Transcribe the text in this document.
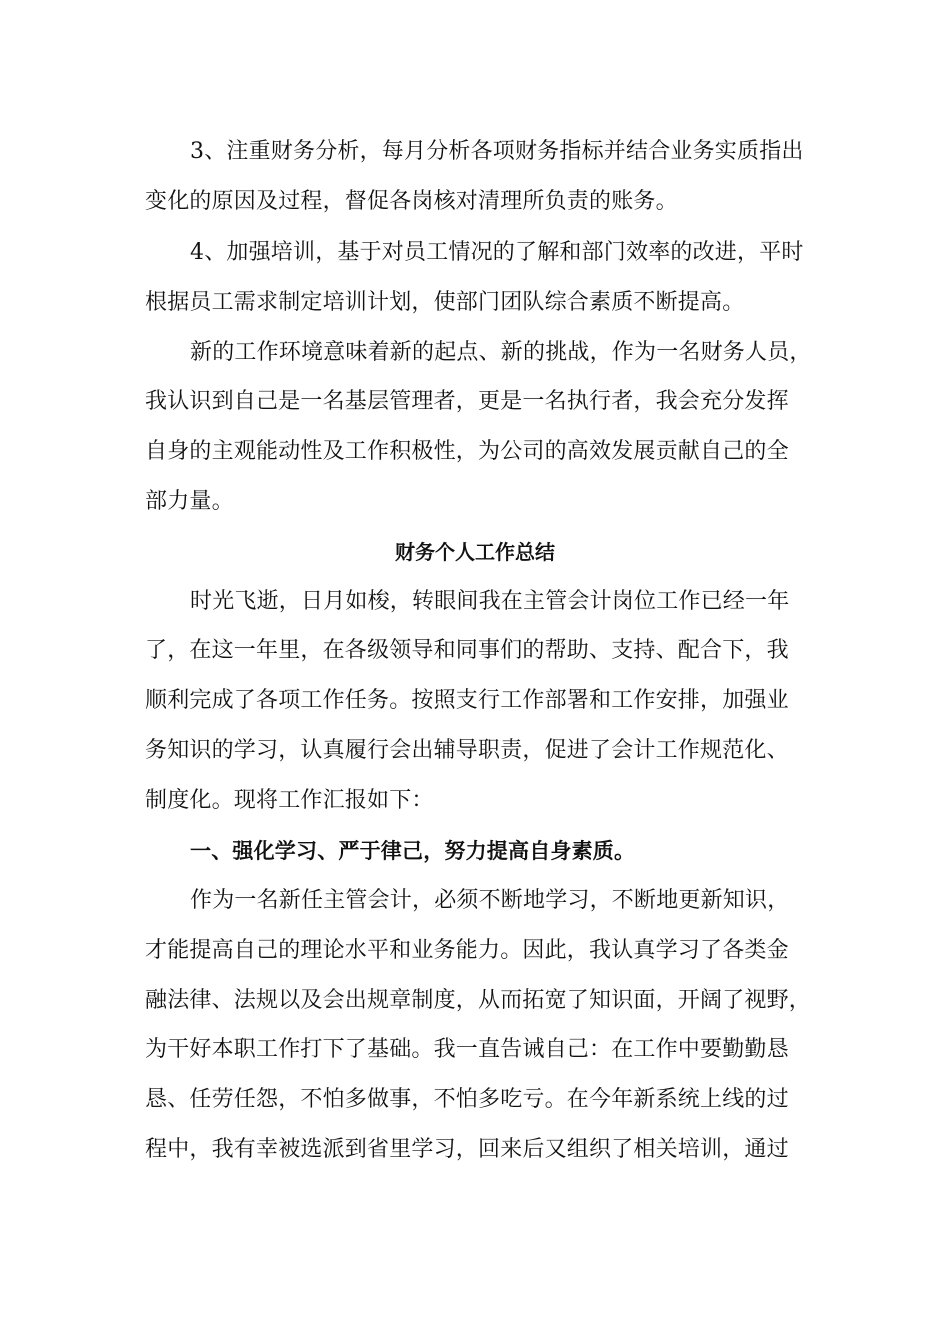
3、注重财务分析，每月分析各项财务指标并结合业务实质指出
变化的原因及过程，督促各岗核对清理所负责的账务。
4、加强培训，基于对员工情况的了解和部门效率的改进，平时
根据员工需求制定培训计划，使部门团队综合素质不断提高。
新的工作环境意味着新的起点、新的挑战，作为一名财务人员，
我认识到自己是一名基层管理者，更是一名执行者，我会充分发挥
自身的主观能动性及工作积极性，为公司的高效发展贡献自己的全
部力量。
财务个人工作总结
时光飞逝，日月如梭，转眼间我在主管会计岗位工作已经一年
了，在这一年里，在各级领导和同事们的帮助、支持、配合下，我
顺利完成了各项工作任务。按照支行工作部署和工作安排，加强业
务知识的学习，认真履行会出辅导职责，促进了会计工作规范化、
制度化。现将工作汇报如下：
一、强化学习、严于律己，努力提高自身素质。
作为一名新任主管会计，必须不断地学习，不断地更新知识，
才能提高自己的理论水平和业务能力。因此，我认真学习了各类金
融法律、法规以及会出规章制度，从而拓宽了知识面，开阔了视野，
为干好本职工作打下了基础。我一直告诫自己：在工作中要勤勤恳
恳、任劳任怨，不怕多做事，不怕多吃亏。在今年新系统上线的过
程中，我有幸被选派到省里学习，回来后又组织了相关培训，通过
